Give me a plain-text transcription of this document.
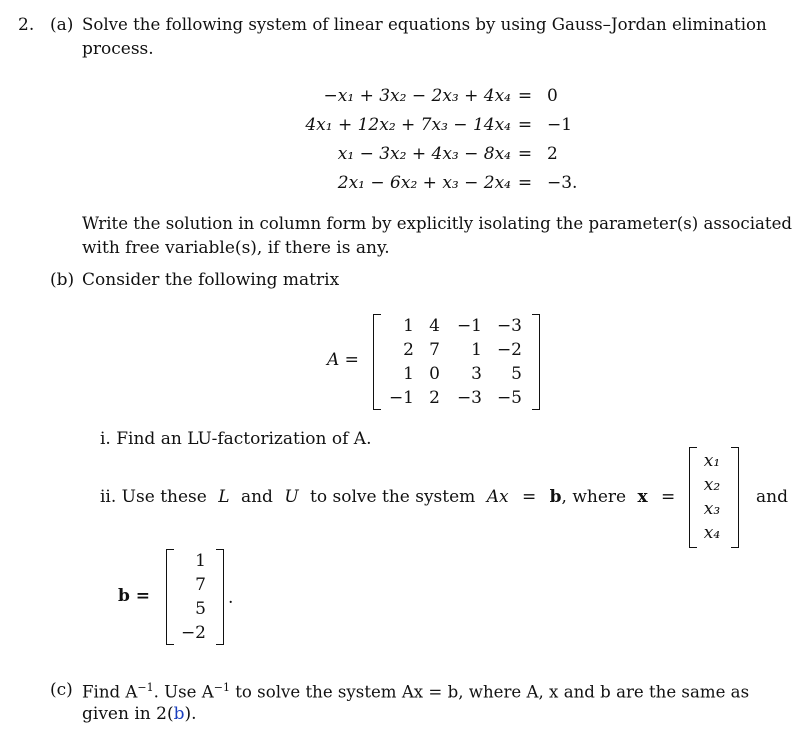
2. (a) Solve the following system of linear equations by using Gauss–Jordan elimination
process.
−x₁ + 3x₂ − 2x₃ + 4x₄ = 0
4x₁ + 12x₂ + 7x₃ − 14x₄ = −1
x₁ − 3x₂ + 4x₃ − 8x₄ = 2
2x₁ − 6x₂ + x₃ − 2x₄ = −3.
Write the solution in column form by explicitly isolating the parameter(s) associated
with free variable(s), if there is any.
(b) Consider the following matrix
A =
1 4 −1 −3
2 7	1 −2
1 0	3	5
−1 2 −3 −5
i. Find an LU-factorization of A.
ii. Use these L and U to solve the system Ax = b, where x =
x₁
x₂
x₃
x₄
and
b =
1
7
5
−2
.
(c) Find $A^{-1}$. Use $A^{-1}$ to solve the system Ax = b, where A, x and b are the same as
given in 2(b).
